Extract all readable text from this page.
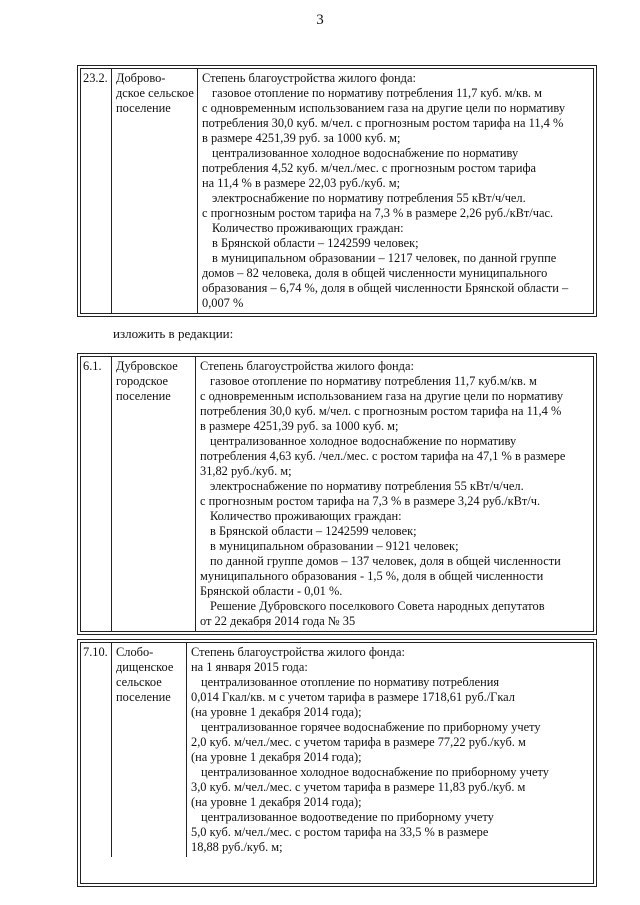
3
23.2. Доброво-
дское сельское
поселение
Степень благоустройства жилого фонда:
газовое отопление по нормативу потребления 11,7 куб. м/кв. м
с одновременным использованием газа на другие цели по нормативу
потребления 30,0 куб. м/чел. с прогнозным ростом тарифа на 11,4 %
в размере 4251,39 руб. за 1000 куб. м;
централизованное холодное водоснабжение по нормативу
потребления 4,52 куб. м/чел./мес. с прогнозным ростом тарифа
на 11,4 % в размере 22,03 руб./куб. м;
электроснабжение по нормативу потребления 55 кВт/ч/чел.
с прогнозным ростом тарифа на 7,3 % в размере 2,26 руб./кВт/час.
Количество проживающих граждан:
в Брянской области – 1242599 человек;
в муниципальном образовании – 1217 человек, по данной группе
домов – 82 человека, доля в общей численности муниципального
образования – 6,74 %, доля в общей численности Брянской области –
0,007 %
изложить в редакции:
6.1.	Дубровское
городское
поселение
Степень благоустройства жилого фонда:
газовое отопление по нормативу потребления 11,7 куб.м/кв. м
с одновременным использованием газа на другие цели по нормативу
потребления 30,0 куб. м/чел. с прогнозным ростом тарифа на 11,4 %
в размере 4251,39 руб. за 1000 куб. м;
централизованное холодное водоснабжение по нормативу
потребления 4,63 куб. /чел./мес. с ростом тарифа на 47,1 % в размере
31,82 руб./куб. м;
электроснабжение по нормативу потребления 55 кВт/ч/чел.
с прогнозным ростом тарифа на 7,3 % в размере 3,24 руб./кВт/ч.
Количество проживающих граждан:
в Брянской области – 1242599 человек;
в муниципальном образовании – 9121 человек;
по данной группе домов – 137 человек, доля в общей численности
муниципального образования - 1,5 %, доля в общей численности
Брянской области - 0,01 %.
Решение Дубровского поселкового Совета народных депутатов
от 22 декабря 2014 года № 35
7.10. Слобо-
дищенское
сельское
поселение
Степень благоустройства жилого фонда:
на 1 января 2015 года:
централизованное отопление по нормативу потребления
0,014 Гкал/кв. м с учетом тарифа в размере 1718,61 руб./Гкал
(на уровне 1 декабря 2014 года);
централизованное горячее водоснабжение по приборному учету
2,0 куб. м/чел./мес. с учетом тарифа в размере 77,22 руб./куб. м
(на уровне 1 декабря 2014 года);
централизованное холодное водоснабжение по приборному учету
3,0 куб. м/чел./мес. с учетом тарифа в размере 11,83 руб./куб. м
(на уровне 1 декабря 2014 года);
централизованное водоотведение по приборному учету
5,0 куб. м/чел./мес. с ростом тарифа на 33,5 % в размере
18,88 руб./куб. м;
